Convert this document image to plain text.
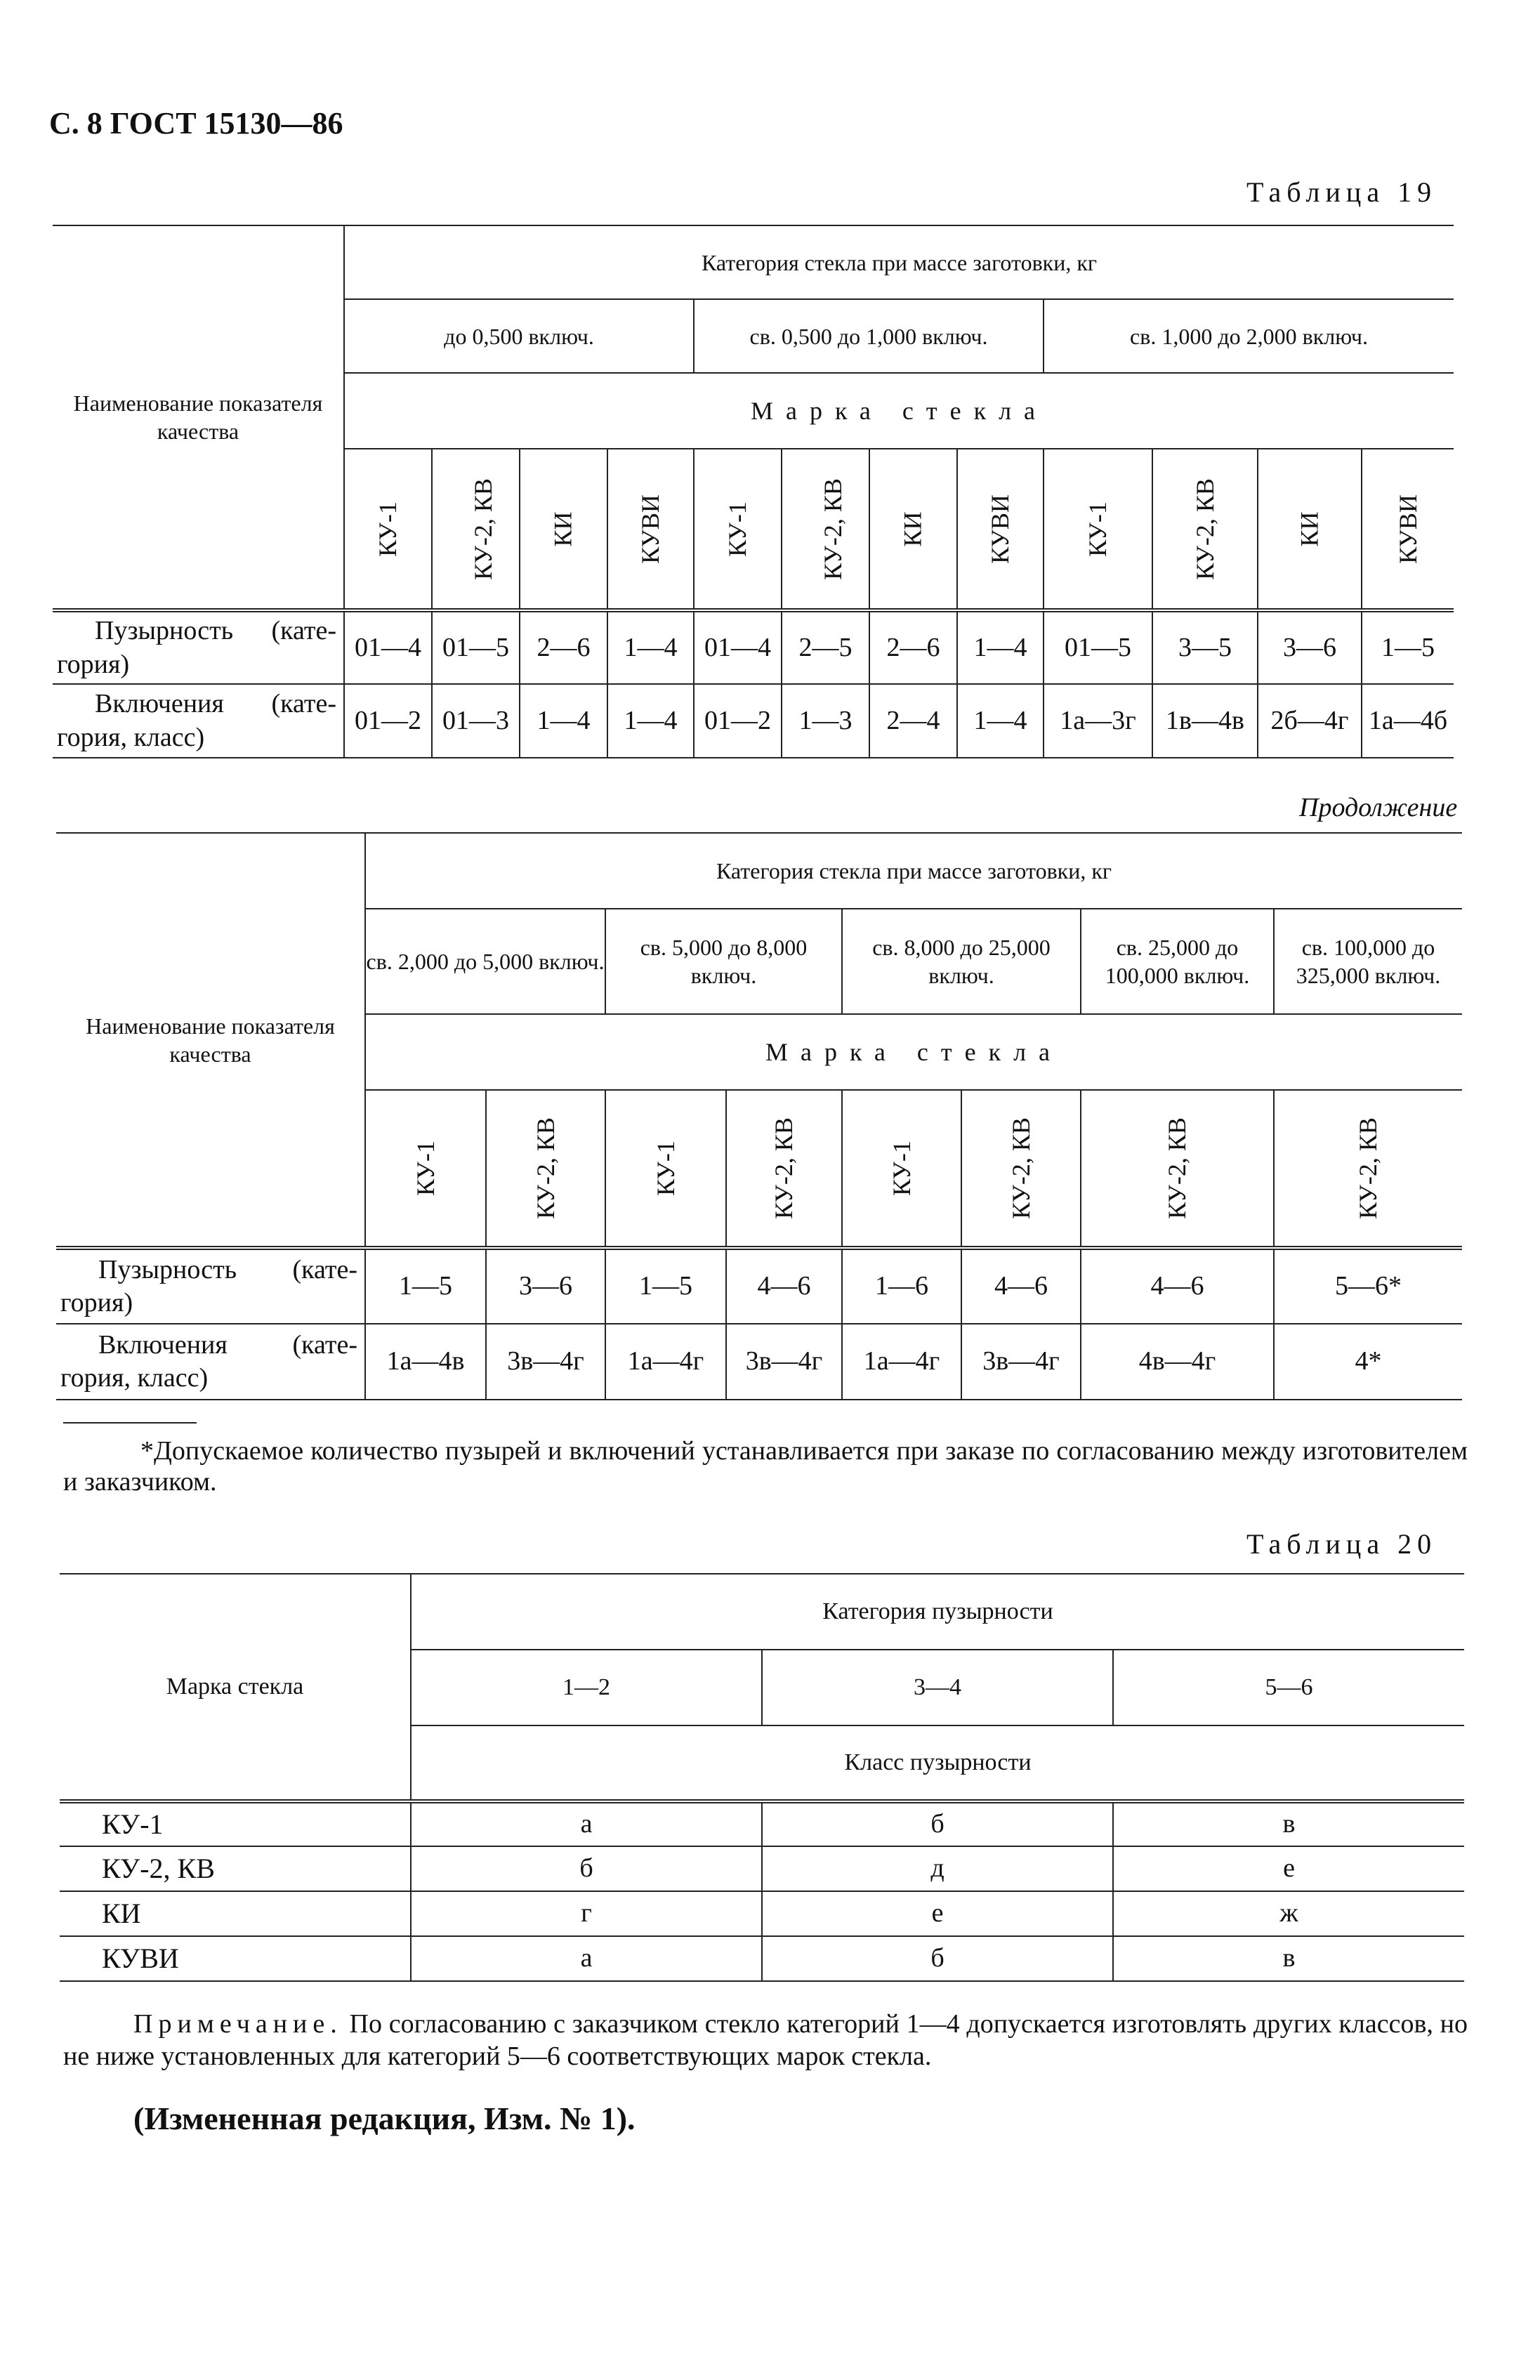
С. 8 ГОСТ 15130—86
Таблица 19
Наименование показателя качества	Категория стекла при массе заготовки, кг											
	до 0,500 включ.				св. 0,500 до 1,000 включ.				св. 1,000 до 2,000 включ.			
	Марка стекла											
	КУ-1	КУ-2, КВ	КИ	КУВИ	КУ-1	КУ-2, КВ	КИ	КУВИ	КУ-1	КУ-2, КВ	КИ	КУВИ

Пузырность (кате-
гория)	01—4	01—5	2—6	1—4	01—4	2—5	2—6	1—4	01—5	3—5	3—6	1—5

Включения (кате-
гория, класс)	01—2	01—3	1—4	1—4	01—2	1—3	2—4	1—4	1а—3г	1в—4в	2б—4г	1а—4б
Продолжение
Наименование показателя качества	Категория стекла при массе заготовки, кг							
	св. 2,000 до 5,000 включ.		св. 5,000 до 8,000 включ.		св. 8,000 до 25,000 включ.		св. 25,000 до 100,000 включ.	св. 100,000 до 325,000 включ.
	Марка стекла							
	КУ-1	КУ-2, КВ	КУ-1	КУ-2, КВ	КУ-1	КУ-2, КВ	КУ-2, КВ	КУ-2, КВ

Пузырность (кате-
гория)	1—5	3—6	1—5	4—6	1—6	4—6	4—6	5—6*

Включения (кате-
гория, класс)	1а—4в	3в—4г	1а—4г	3в—4г	1а—4г	3в—4г	4в—4г	4*
*Допускаемое количество пузырей и включений устанавливается при заказе по согласованию между изготовителем и заказчиком.
Таблица 20
Марка стекла	Категория пузырности		
	1—2	3—4	5—6
	Класс пузырности		
КУ-1	а	б	в
КУ-2, КВ	б	д	е
КИ	г	е	ж
КУВИ	а	б	в
Примечание. По согласованию с заказчиком стекло категорий 1—4 допускается изготовлять других классов, но не ниже установленных для категорий 5—6 соответствующих марок стекла.
(Измененная редакция, Изм. № 1).
